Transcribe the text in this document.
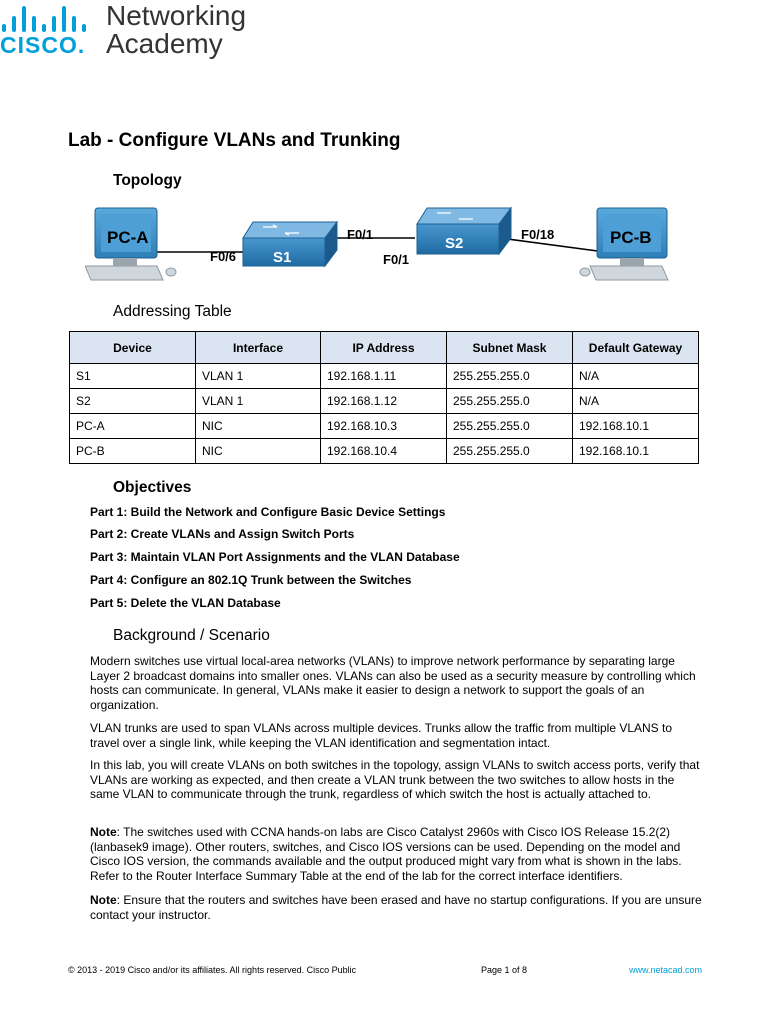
CISCO.
Networking
Academy
Lab - Configure VLANs and Trunking
Topology
PC-A
S1
S2	PC-B
F0/6
F0/1
F0/1
F0/18
Addressing Table
Device	Interface	IP Address	Subnet Mask	Default Gateway
S1	VLAN 1	192.168.1.11	255.255.255.0	N/A
S2	VLAN 1	192.168.1.12	255.255.255.0	N/A
PC-A	NIC	192.168.10.3	255.255.255.0	192.168.10.1
PC-B	NIC	192.168.10.4	255.255.255.0	192.168.10.1
Objectives
Part 1: Build the Network and Configure Basic Device Settings
Part 2: Create VLANs and Assign Switch Ports
Part 3: Maintain VLAN Port Assignments and the VLAN Database
Part 4: Configure an 802.1Q Trunk between the Switches
Part 5: Delete the VLAN Database
Background / Scenario

Modern switches use virtual local-area networks (VLANs) to improve network performance by separating large Layer 2 broadcast domains into smaller ones. VLANs can also be used as a security measure by controlling which hosts can communicate. In general, VLANs make it easier to design a network to support the goals of an organization.

VLAN trunks are used to span VLANs across multiple devices. Trunks allow the traffic from multiple VLANS to travel over a single link, while keeping the VLAN identification and segmentation intact.

In this lab, you will create VLANs on both switches in the topology, assign VLANs to switch access ports, verify that VLANs are working as expected, and then create a VLAN trunk between the two switches to allow hosts in the same VLAN to communicate through the trunk, regardless of which switch the host is actually attached to.

Note: The switches used with CCNA hands-on labs are Cisco Catalyst 2960s with Cisco IOS Release 15.2(2) (lanbasek9 image). Other routers, switches, and Cisco IOS versions can be used. Depending on the model and Cisco IOS version, the commands available and the output produced might vary from what is shown in the labs. Refer to the Router Interface Summary Table at the end of the lab for the correct interface identifiers.

Note: Ensure that the routers and switches have been erased and have no startup configurations. If you are unsure contact your instructor.

© 2013 - 2019 Cisco and/or its affiliates. All rights reserved. Cisco Public	Page 1 of 8	www.netacad.com
